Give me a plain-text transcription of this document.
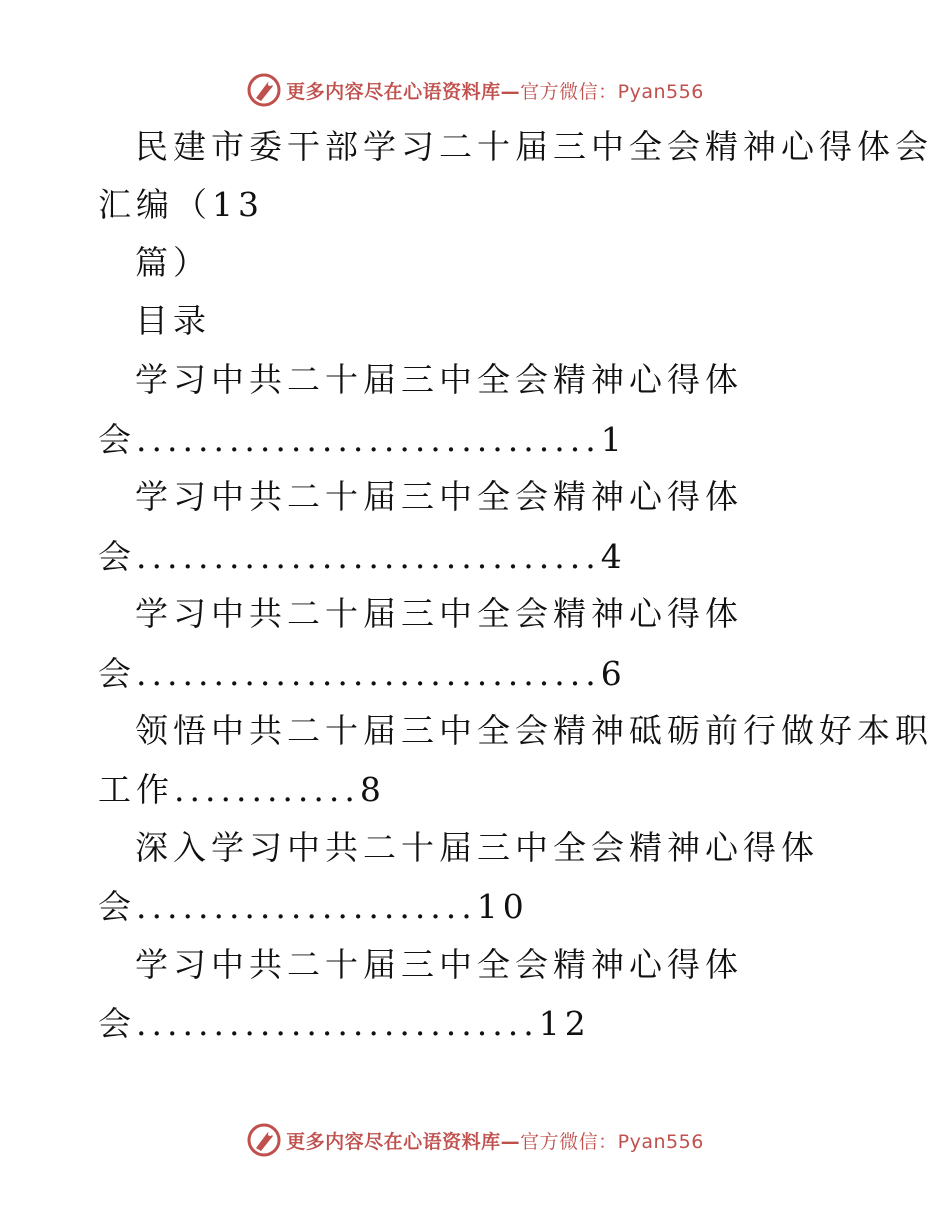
更多内容尽在心语资料库— 官方微信：Pyan556
民建市委干部学习二十届三中全会精神心得体会
汇编（13
篇）
目录
学习中共二十届三中全会精神心得体
会..............................1
学习中共二十届三中全会精神心得体
会..............................4
学习中共二十届三中全会精神心得体
会..............................6
领悟中共二十届三中全会精神砥砺前行做好本职
工作............8
深入学习中共二十届三中全会精神心得体
会......................10
学习中共二十届三中全会精神心得体
会..........................12
更多内容尽在心语资料库— 官方微信：Pyan556
